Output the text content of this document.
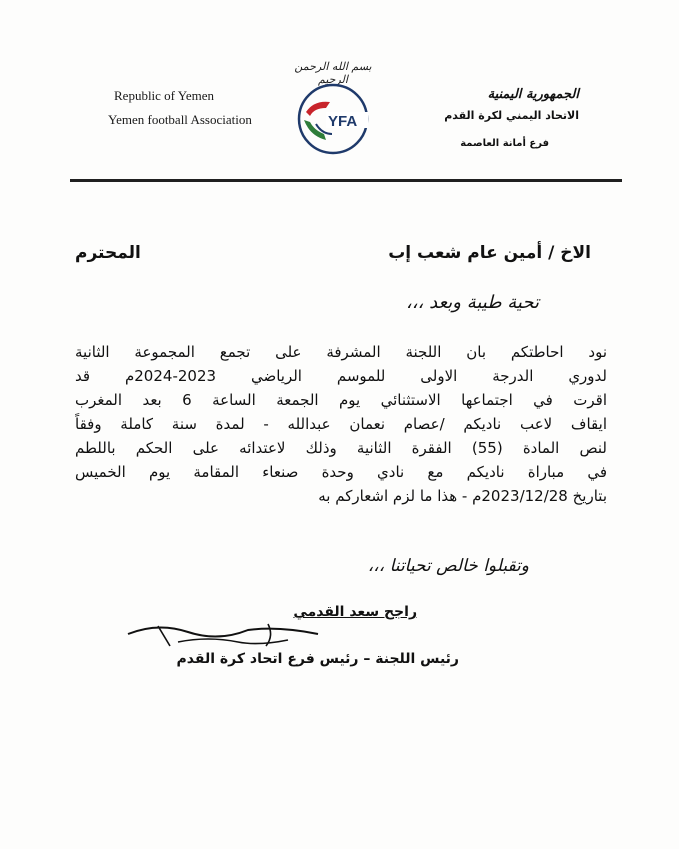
Republic of Yemen
Yemen football Association
بسم الله الرحمن الرحيم
YFA
الجمهورية اليمنية
الاتحاد اليمني لكرة القدم
فرع أمانة العاصمة
الاخ / أمين عام شعب إب
المحترم
تحية طيبة وبعد ،،،
نود احاطتكم بان اللجنة المشرفة على تجمع المجموعة الثانية
لدوري الدرجة الاولى للموسم الرياضي 2023-2024م قد
اقرت في اجتماعها الاستثنائي يوم الجمعة الساعة 6 بعد المغرب
ايقاف لاعب ناديكم /عصام نعمان عبدالله - لمدة سنة كاملة وفقاً
لنص المادة (55) الفقرة الثانية وذلك لاعتدائه على الحكم باللطم
في مباراة ناديكم مع نادي وحدة صنعاء المقامة يوم الخميس
بتاريخ 2023/12/28م - هذا ما لزم اشعاركم به
وتقبلوا خالص تحياتنا ،،،
راجح سعد القدمي
رئيس اللجنة – رئيس فرع اتحاد كرة القدم
